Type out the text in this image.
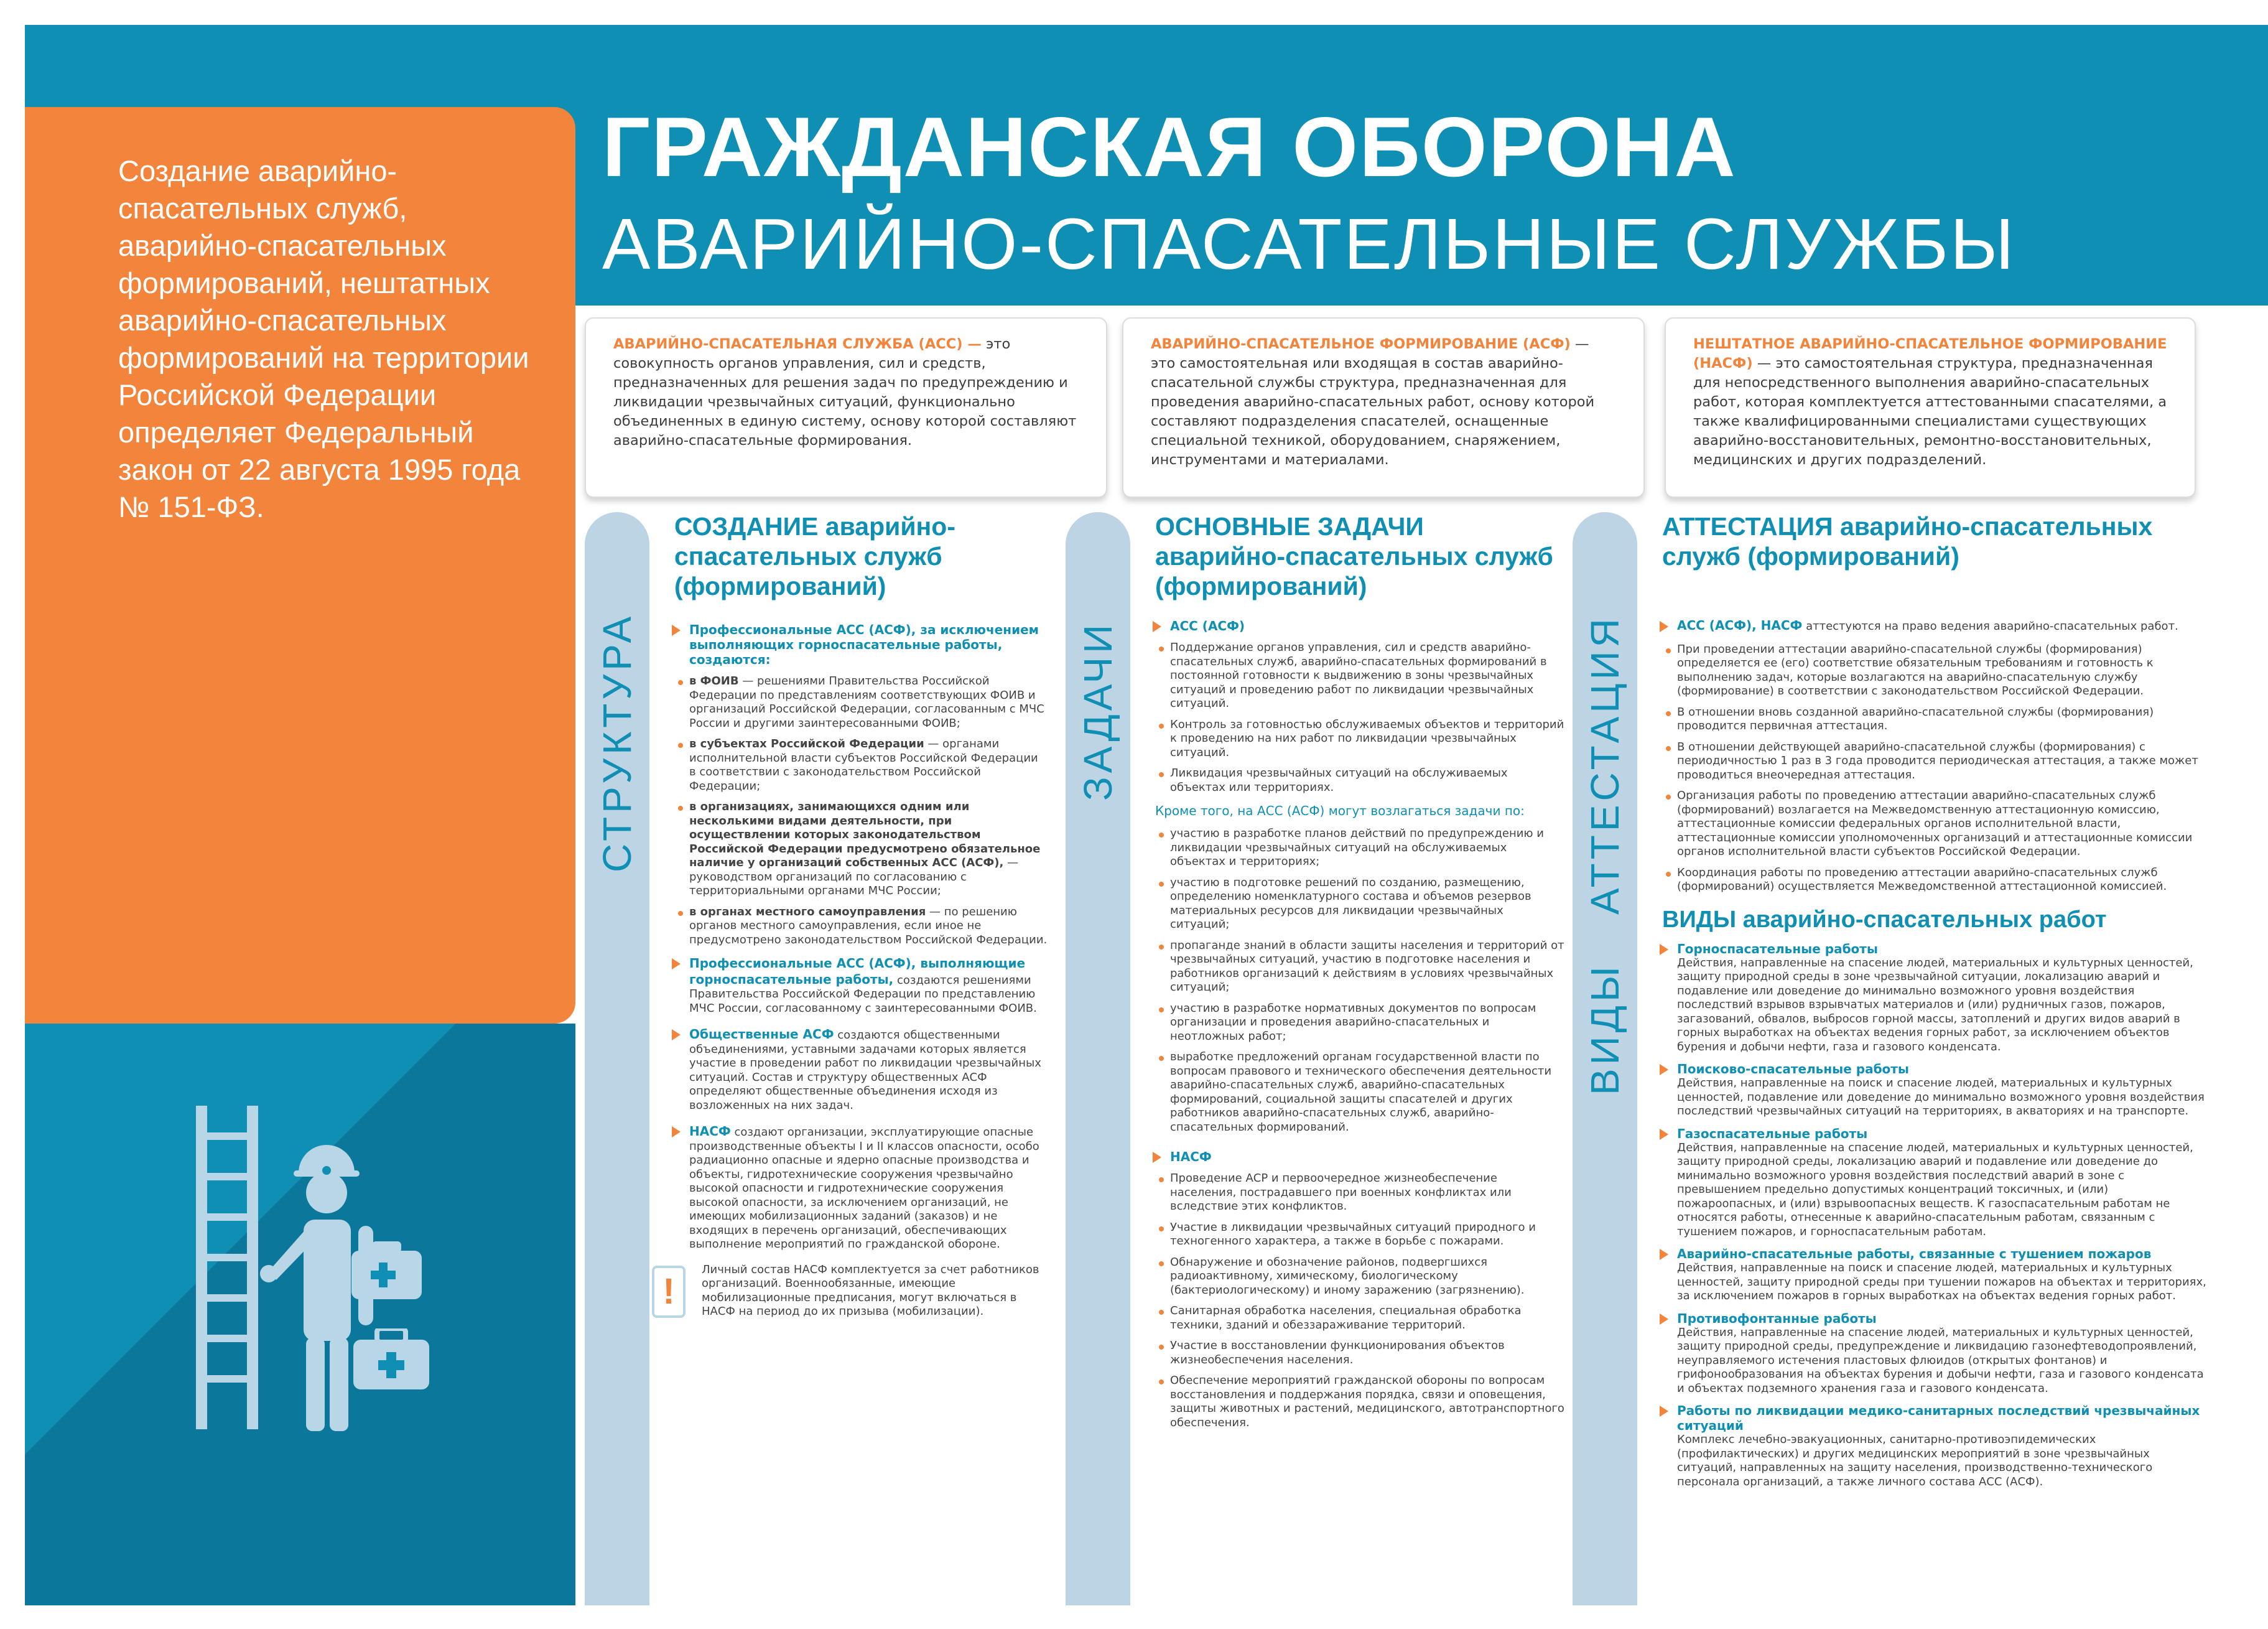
ГРАЖДАНСКАЯ ОБОРОНА
АВАРИЙНО-СПАСАТЕЛЬНЫЕ СЛУЖБЫ
Создание аварийно-спасательных служб, аварийно-спасательных формирований, нештатных аварийно-спасательных формирований на территории Российской Федерации определяет Федеральный закон от 22 августа 1995 года № 151-ФЗ.

АВАРИЙНО-СПАСАТЕЛЬНАЯ СЛУЖБА (АСС) — это совокупность органов управления, сил и средств, предназначенных для решения задач по предупреждению и ликвидации чрезвычайных ситуаций, функционально объединенных в единую систему, основу которой составляют аварийно-спасательные формирования.

АВАРИЙНО-СПАСАТЕЛЬНОЕ ФОРМИРОВАНИЕ (АСФ) — это самостоятельная или входящая в состав аварийно-спасательной службы структура, предназначенная для проведения аварийно-спасательных работ, основу которой составляют подразделения спасателей, оснащенные специальной техникой, оборудованием, снаряжением, инструментами и материалами.

НЕШТАТНОЕ АВАРИЙНО-СПАСАТЕЛЬНОЕ ФОРМИРОВАНИЕ (НАСФ) — это самостоятельная структура, предназначенная для непосредственного выполнения аварийно-спасательных работ, которая комплектуется аттестованными спасателями, а также квалифицированными специалистами существующих аварийно-восстановительных, ремонтно-восстановительных, медицинских и других подразделений.

СТРУКТУРА	ЗАДАЧИ
ВИДЫ
АТТЕСТАЦИЯ

СОЗДАНИЕ аварийно-спасательных служб (формирований)

Профессиональные АСС (АСФ), за исключением выполняющих горноспасательные работы, создаются:

в ФОИВ — решениями Правительства Российской Федерации по представлениям соответствующих ФОИВ и организаций Российской Федерации, согласованным с МЧС России и другими заинтересованными ФОИВ;
в субъектах Российской Федерации — органами исполнительной власти субъектов Российской Федерации в соответствии с законодательством Российской Федерации;
в организациях, занимающихся одним или несколькими видами деятельности, при осуществлении которых законодательством Российской Федерации предусмотрено обязательное наличие у организаций собственных АСС (АСФ), — руководством организаций по согласованию с территориальными органами МЧС России;
в органах местного самоуправления — по решению органов местного самоуправления, если иное не предусмотрено законодательством Российской Федерации.

Профессиональные АСС (АСФ), выполняющие горноспасательные работы, создаются решениями Правительства Российской Федерации по представлению МЧС России, согласованному с заинтересованными ФОИВ.

Общественные АСФ создаются общественными объединениями, уставными задачами которых является участие в проведении работ по ликвидации чрезвычайных ситуаций. Состав и структуру общественных АСФ определяют общественные объединения исходя из возложенных на них задач.

НАСФ создают организации, эксплуатирующие опасные производственные объекты I и II классов опасности, особо радиационно опасные и ядерно опасные производства и объекты, гидротехнические сооружения чрезвычайно высокой опасности и гидротехнические сооружения высокой опасности, за исключением организаций, не имеющих мобилизационных заданий (заказов) и не входящих в перечень организаций, обеспечивающих выполнение мероприятий по гражданской обороне.

!

Личный состав НАСФ комплектуется за счет работников организаций. Военнообязанные, имеющие мобилизационные предписания, могут включаться в НАСФ на период до их призыва (мобилизации).

ОСНОВНЫЕ ЗАДАЧИ
аварийно-спасательных служб (формирований)

АСС (АСФ)

Поддержание органов управления, сил и средств аварийно-спасательных служб, аварийно-спасательных формирований в постоянной готовности к выдвижению в зоны чрезвычайных ситуаций и проведению работ по ликвидации чрезвычайных ситуаций.
Контроль за готовностью обслуживаемых объектов и территорий к проведению на них работ по ликвидации чрезвычайных ситуаций.
Ликвидация чрезвычайных ситуаций на обслуживаемых объектах или территориях.

Кроме того, на АСС (АСФ) могут возлагаться задачи по:

участию в разработке планов действий по предупреждению и ликвидации чрезвычайных ситуаций на обслуживаемых объектах и территориях;
участию в подготовке решений по созданию, размещению, определению номенклатурного состава и объемов резервов материальных ресурсов для ликвидации чрезвычайных ситуаций;
пропаганде знаний в области защиты населения и территорий от чрезвычайных ситуаций, участию в подготовке населения и работников организаций к действиям в условиях чрезвычайных ситуаций;
участию в разработке нормативных документов по вопросам организации и проведения аварийно-спасательных и неотложных работ;
выработке предложений органам государственной власти по вопросам правового и технического обеспечения деятельности аварийно-спасательных служб, аварийно-спасательных формирований, социальной защиты спасателей и других работников аварийно-спасательных служб, аварийно-спасательных формирований.

НАСФ

Проведение АСР и первоочередное жизнеобеспечение населения, пострадавшего при военных конфликтах или вследствие этих конфликтов.
Участие в ликвидации чрезвычайных ситуаций природного и техногенного характера, а также в борьбе с пожарами.
Обнаружение и обозначение районов, подвергшихся радиоактивному, химическому, биологическому (бактериологическому) и иному заражению (загрязнению).
Санитарная обработка населения, специальная обработка техники, зданий и обеззараживание территорий.
Участие в восстановлении функционирования объектов жизнеобеспечения населения.
Обеспечение мероприятий гражданской обороны по вопросам восстановления и поддержания порядка, связи и оповещения, защиты животных и растений, медицинского, автотранспортного обеспечения.

АТТЕСТАЦИЯ аварийно-спасательных служб (формирований)

АСС (АСФ), НАСФ аттестуются на право ведения аварийно-спасательных работ.

При проведении аттестации аварийно-спасательной службы (формирования) определяется ее (его) соответствие обязательным требованиям и готовность к выполнению задач, которые возлагаются на аварийно-спасательную службу (формирование) в соответствии с законодательством Российской Федерации.
В отношении вновь созданной аварийно-спасательной службы (формирования) проводится первичная аттестация.
В отношении действующей аварийно-спасательной службы (формирования) с периодичностью 1 раз в 3 года проводится периодическая аттестация, а также может проводиться внеочередная аттестация.
Организация работы по проведению аттестации аварийно-спасательных служб (формирований) возлагается на Межведомственную аттестационную комиссию, аттестационные комиссии федеральных органов исполнительной власти, аттестационные комиссии уполномоченных организаций и аттестационные комиссии органов исполнительной власти субъектов Российской Федерации.
Координация работы по проведению аттестации аварийно-спасательных служб (формирований) осуществляется Межведомственной аттестационной комиссией.

ВИДЫ аварийно-спасательных работ

Горноспасательные работы

Действия, направленные на спасение людей, материальных и культурных ценностей, защиту природной среды в зоне чрезвычайной ситуации, локализацию аварий и подавление или доведение до минимально возможного уровня воздействия последствий взрывов взрывчатых материалов и (или) рудничных газов, пожаров, загазований, обвалов, выбросов горной массы, затоплений и других видов аварий в горных выработках на объектах ведения горных работ, за исключением объектов бурения и добычи нефти, газа и газового конденсата.

Поисково-спасательные работы

Действия, направленные на поиск и спасение людей, материальных и культурных ценностей, подавление или доведение до минимально возможного уровня воздействия последствий чрезвычайных ситуаций на территориях, в акваториях и на транспорте.

Газоспасательные работы

Действия, направленные на спасение людей, материальных и культурных ценностей, защиту природной среды, локализацию аварий и подавление или доведение до минимально возможного уровня воздействия последствий аварий в зоне с превышением предельно допустимых концентраций токсичных, и (или) пожароопасных, и (или) взрывоопасных веществ. К газоспасательным работам не относятся работы, отнесенные к аварийно-спасательным работам, связанным с тушением пожаров, и горноспасательным работам.

Аварийно-спасательные работы, связанные с тушением пожаров

Действия, направленные на поиск и спасение людей, материальных и культурных ценностей, защиту природной среды при тушении пожаров на объектах и территориях, за исключением пожаров в горных выработках на объектах ведения горных работ.

Противофонтанные работы

Действия, направленные на спасение людей, материальных и культурных ценностей, защиту природной среды, предупреждение и ликвидацию газонефтеводопроявлений, неуправляемого истечения пластовых флюидов (открытых фонтанов) и грифонообразования на объектах бурения и добычи нефти, газа и газового конденсата и объектах подземного хранения газа и газового конденсата.

Работы по ликвидации медико-санитарных последствий чрезвычайных ситуаций

Комплекс лечебно-эвакуационных, санитарно-противоэпидемических (профилактических) и других медицинских мероприятий в зоне чрезвычайных ситуаций, направленных на защиту населения, производственно-технического персонала организаций, а также личного состава АСС (АСФ).
